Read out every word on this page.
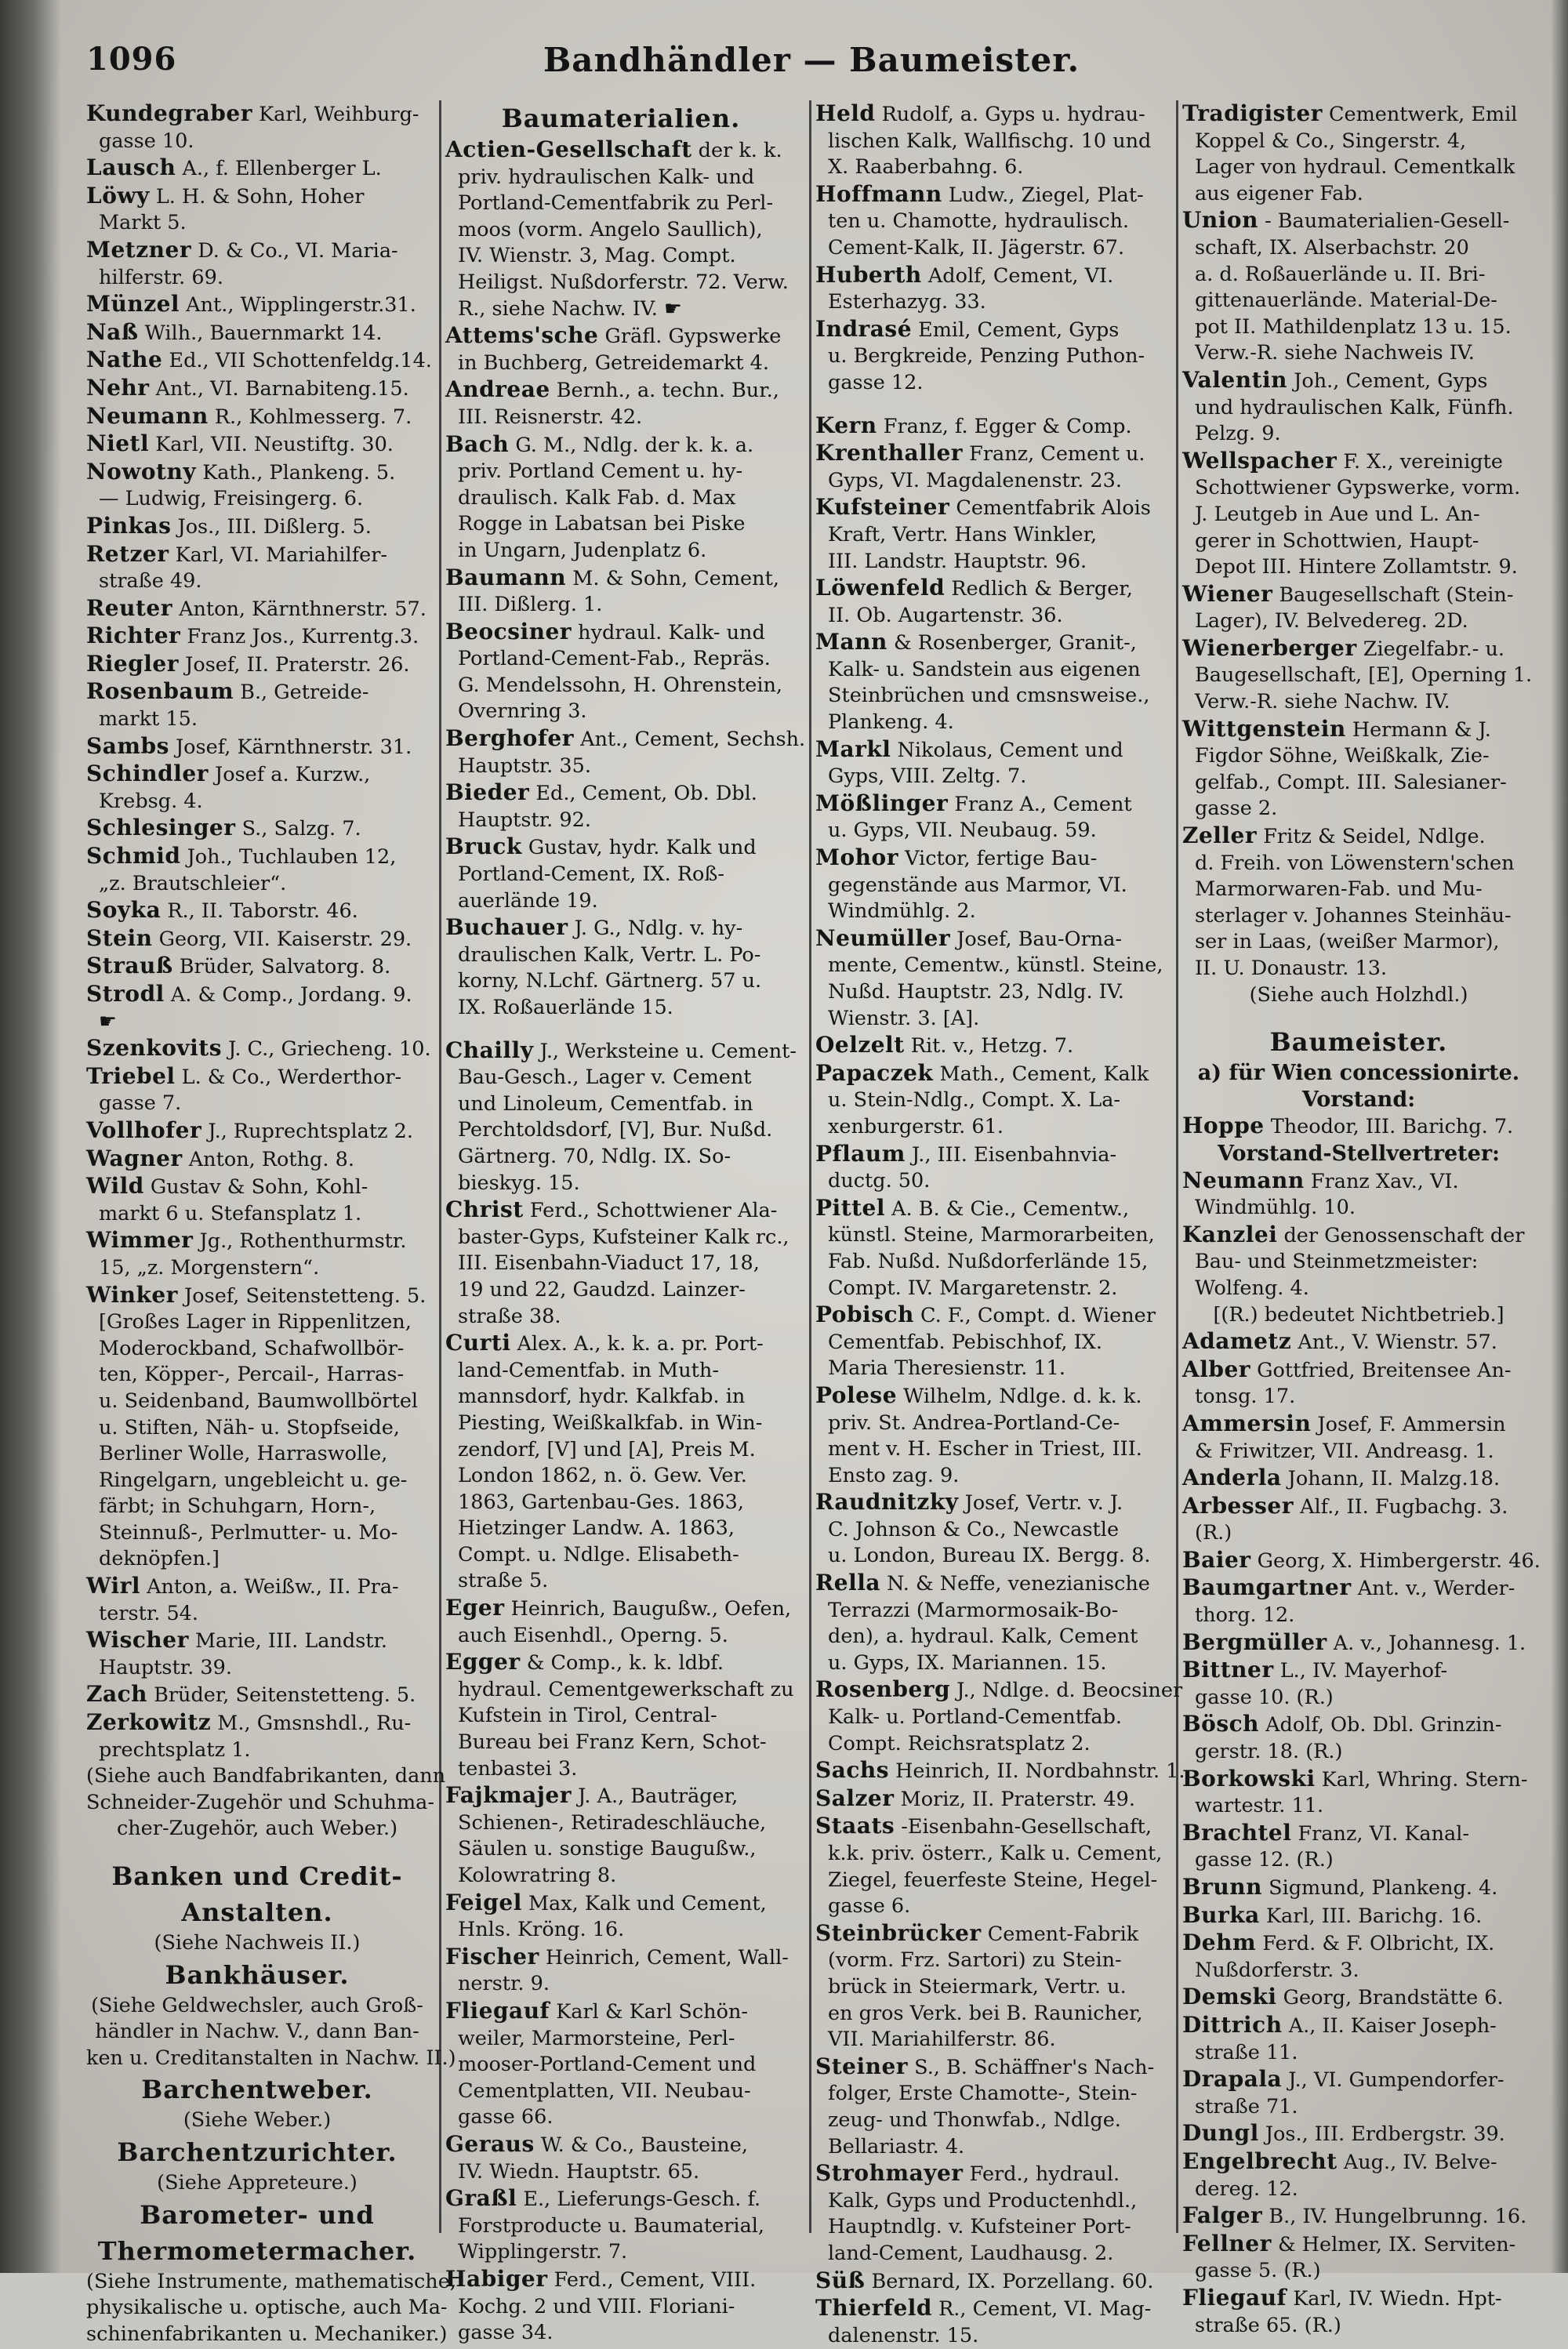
1096	Bandhändler — Baumeister.
Kundegraber Karl, Weihburg-
gasse 10.
Lausch A., f. Ellenberger L.
Löwy L. H. & Sohn, Hoher
Markt 5.
Metzner D. & Co., VI. Maria-
hilferstr. 69.
Münzel Ant., Wipplingerstr.31.
Naß Wilh., Bauernmarkt 14.
Nathe Ed., VII Schottenfeldg.14.
Nehr Ant., VI. Barnabiteng.15.
Neumann R., Kohlmesserg. 7.
Nietl Karl, VII. Neustiftg. 30.
Nowotny Kath., Plankeng. 5.
— Ludwig, Freisingerg. 6.
Pinkas Jos., III. Dißlerg. 5.
Retzer Karl, VI. Mariahilfer-
straße 49.
Reuter Anton, Kärnthnerstr. 57.
Richter Franz Jos., Kurrentg.3.
Riegler Josef, II. Praterstr. 26.
Rosenbaum B., Getreide-
markt 15.
Sambs Josef, Kärnthnerstr. 31.
Schindler Josef a. Kurzw.,
Krebsg. 4.
Schlesinger S., Salzg. 7.
Schmid Joh., Tuchlauben 12,
„z. Brautschleier“.
Soyka R., II. Taborstr. 46.
Stein Georg, VII. Kaiserstr. 29.
Strauß Brüder, Salvatorg. 8.
Strodl A. & Comp., Jordang. 9.
☛
Szenkovits J. C., Griecheng. 10.
Triebel L. & Co., Werderthor-
gasse 7.
Vollhofer J., Ruprechtsplatz 2.
Wagner Anton, Rothg. 8.
Wild Gustav & Sohn, Kohl-
markt 6 u. Stefansplatz 1.
Wimmer Jg., Rothenthurmstr.
15, „z. Morgenstern“.
Winker Josef, Seitenstetteng. 5.
[Großes Lager in Rippenlitzen,
Moderockband, Schafwollbör-
ten, Köpper-, Percail-, Harras-
u. Seidenband, Baumwollbörtel
u. Stiften, Näh- u. Stopfseide,
Berliner Wolle, Harraswolle,
Ringelgarn, ungebleicht u. ge-
färbt; in Schuhgarn, Horn-,
Steinnuß-, Perlmutter- u. Mo-
deknöpfen.]
Wirl Anton, a. Weißw., II. Pra-
terstr. 54.
Wischer Marie, III. Landstr.
Hauptstr. 39.
Zach Brüder, Seitenstetteng. 5.
Zerkowitz M., Gmsnshdl., Ru-
prechtsplatz 1.
(Siehe auch Bandfabrikanten, dann
Schneider-Zugehör und Schuhma-
cher-Zugehör, auch Weber.)
Banken und Credit-
Anstalten.
(Siehe Nachweis II.)
Bankhäuser.
(Siehe Geldwechsler, auch Groß-
händler in Nachw. V., dann Ban-
ken u. Creditanstalten in Nachw. II.)
Barchentweber.
(Siehe Weber.)
Barchentzurichter.
(Siehe Appreteure.)
Barometer- und
Thermometermacher.
(Siehe Instrumente, mathematische,
physikalische u. optische, auch Ma-
schinenfabrikanten u. Mechaniker.)
Baumaterialien.
Actien-Gesellschaft der k. k.
priv. hydraulischen Kalk- und
Portland-Cementfabrik zu Perl-
moos (vorm. Angelo Saullich),
IV. Wienstr. 3, Mag. Compt.
Heiligst. Nußdorferstr. 72. Verw.
R., siehe Nachw. IV. ☛
Attems'sche Gräfl. Gypswerke
in Buchberg, Getreidemarkt 4.
Andreae Bernh., a. techn. Bur.,
III. Reisnerstr. 42.
Bach G. M., Ndlg. der k. k. a.
priv. Portland Cement u. hy-
draulisch. Kalk Fab. d. Max
Rogge in Labatsan bei Piske
in Ungarn, Judenplatz 6.
Baumann M. & Sohn, Cement,
III. Dißlerg. 1.
Beocsiner hydraul. Kalk- und
Portland-Cement-Fab., Repräs.
G. Mendelssohn, H. Ohrenstein,
Overnring 3.
Berghofer Ant., Cement, Sechsh.
Hauptstr. 35.
Bieder Ed., Cement, Ob. Dbl.
Hauptstr. 92.
Bruck Gustav, hydr. Kalk und
Portland-Cement, IX. Roß-
auerlände 19.
Buchauer J. G., Ndlg. v. hy-
draulischen Kalk, Vertr. L. Po-
korny, N.Lchf. Gärtnerg. 57 u.
IX. Roßauerlände 15.
Chailly J., Werksteine u. Cement-
Bau-Gesch., Lager v. Cement
und Linoleum, Cementfab. in
Perchtoldsdorf, [V], Bur. Nußd.
Gärtnerg. 70, Ndlg. IX. So-
bieskyg. 15.
Christ Ferd., Schottwiener Ala-
baster-Gyps, Kufsteiner Kalk rc.,
III. Eisenbahn-Viaduct 17, 18,
19 und 22, Gaudzd. Lainzer-
straße 38.
Curti Alex. A., k. k. a. pr. Port-
land-Cementfab. in Muth-
mannsdorf, hydr. Kalkfab. in
Piesting, Weißkalkfab. in Win-
zendorf, [V] und [A], Preis M.
London 1862, n. ö. Gew. Ver.
1863, Gartenbau-Ges. 1863,
Hietzinger Landw. A. 1863,
Compt. u. Ndlge. Elisabeth-
straße 5.
Eger Heinrich, Baugußw., Oefen,
auch Eisenhdl., Operng. 5.
Egger & Comp., k. k. ldbf.
hydraul. Cementgewerkschaft zu
Kufstein in Tirol, Central-
Bureau bei Franz Kern, Schot-
tenbastei 3.
Fajkmajer J. A., Bauträger,
Schienen-, Retiradeschläuche,
Säulen u. sonstige Baugußw.,
Kolowratring 8.
Feigel Max, Kalk und Cement,
Hnls. Kröng. 16.
Fischer Heinrich, Cement, Wall-
nerstr. 9.
Fliegauf Karl & Karl Schön-
weiler, Marmorsteine, Perl-
mooser-Portland-Cement und
Cementplatten, VII. Neubau-
gasse 66.
Geraus W. & Co., Bausteine,
IV. Wiedn. Hauptstr. 65.
Graßl E., Lieferungs-Gesch. f.
Forstproducte u. Baumaterial,
Wipplingerstr. 7.
Habiger Ferd., Cement, VIII.
Kochg. 2 und VIII. Floriani-
gasse 34.
Held Rudolf, a. Gyps u. hydrau-
lischen Kalk, Wallfischg. 10 und
X. Raaberbahng. 6.
Hoffmann Ludw., Ziegel, Plat-
ten u. Chamotte, hydraulisch.
Cement-Kalk, II. Jägerstr. 67.
Huberth Adolf, Cement, VI.
Esterhazyg. 33.
Indrasé Emil, Cement, Gyps
u. Bergkreide, Penzing Puthon-
gasse 12.
Kern Franz, f. Egger & Comp.
Krenthaller Franz, Cement u.
Gyps, VI. Magdalenenstr. 23.
Kufsteiner Cementfabrik Alois
Kraft, Vertr. Hans Winkler,
III. Landstr. Hauptstr. 96.
Löwenfeld Redlich & Berger,
II. Ob. Augartenstr. 36.
Mann & Rosenberger, Granit-,
Kalk- u. Sandstein aus eigenen
Steinbrüchen und cmsnsweise.,
Plankeng. 4.
Markl Nikolaus, Cement und
Gyps, VIII. Zeltg. 7.
Mößlinger Franz A., Cement
u. Gyps, VII. Neubaug. 59.
Mohor Victor, fertige Bau-
gegenstände aus Marmor, VI.
Windmühlg. 2.
Neumüller Josef, Bau-Orna-
mente, Cementw., künstl. Steine,
Nußd. Hauptstr. 23, Ndlg. IV.
Wienstr. 3. [A].
Oelzelt Rit. v., Hetzg. 7.
Papaczek Math., Cement, Kalk
u. Stein-Ndlg., Compt. X. La-
xenburgerstr. 61.
Pflaum J., III. Eisenbahnvia-
ductg. 50.
Pittel A. B. & Cie., Cementw.,
künstl. Steine, Marmorarbeiten,
Fab. Nußd. Nußdorferlände 15,
Compt. IV. Margaretenstr. 2.
Pobisch C. F., Compt. d. Wiener
Cementfab. Pebischhof, IX.
Maria Theresienstr. 11.
Polese Wilhelm, Ndlge. d. k. k.
priv. St. Andrea-Portland-Ce-
ment v. H. Escher in Triest, III.
Ensto zag. 9.
Raudnitzky Josef, Vertr. v. J.
C. Johnson & Co., Newcastle
u. London, Bureau IX. Bergg. 8.
Rella N. & Neffe, venezianische
Terrazzi (Marmormosaik-Bo-
den), a. hydraul. Kalk, Cement
u. Gyps, IX. Mariannen. 15.
Rosenberg J., Ndlge. d. Beocsiner
Kalk- u. Portland-Cementfab.
Compt. Reichsratsplatz 2.
Sachs Heinrich, II. Nordbahnstr. 1.
Salzer Moriz, II. Praterstr. 49.
Staats -Eisenbahn-Gesellschaft,
k.k. priv. österr., Kalk u. Cement,
Ziegel, feuerfeste Steine, Hegel-
gasse 6.
Steinbrücker Cement-Fabrik
(vorm. Frz. Sartori) zu Stein-
brück in Steiermark, Vertr. u.
en gros Verk. bei B. Raunicher,
VII. Mariahilferstr. 86.
Steiner S., B. Schäffner's Nach-
folger, Erste Chamotte-, Stein-
zeug- und Thonwfab., Ndlge.
Bellariastr. 4.
Strohmayer Ferd., hydraul.
Kalk, Gyps und Productenhdl.,
Hauptndlg. v. Kufsteiner Port-
land-Cement, Laudhausg. 2.
Süß Bernard, IX. Porzellang. 60.
Thierfeld R., Cement, VI. Mag-
dalenenstr. 15.
Tradigister Cementwerk, Emil
Koppel & Co., Singerstr. 4,
Lager von hydraul. Cementkalk
aus eigener Fab.
Union - Baumaterialien-Gesell-
schaft, IX. Alserbachstr. 20
a. d. Roßauerlände u. II. Bri-
gittenauerlände. Material-De-
pot II. Mathildenplatz 13 u. 15.
Verw.-R. siehe Nachweis IV.
Valentin Joh., Cement, Gyps
und hydraulischen Kalk, Fünfh.
Pelzg. 9.
Wellspacher F. X., vereinigte
Schottwiener Gypswerke, vorm.
J. Leutgeb in Aue und L. An-
gerer in Schottwien, Haupt-
Depot III. Hintere Zollamtstr. 9.
Wiener Baugesellschaft (Stein-
Lager), IV. Belvedereg. 2D.
Wienerberger Ziegelfabr.- u.
Baugesellschaft, [E], Operning 1.
Verw.-R. siehe Nachw. IV.
Wittgenstein Hermann & J.
Figdor Söhne, Weißkalk, Zie-
gelfab., Compt. III. Salesianer-
gasse 2.
Zeller Fritz & Seidel, Ndlge.
d. Freih. von Löwenstern'schen
Marmorwaren-Fab. und Mu-
sterlager v. Johannes Steinhäu-
ser in Laas, (weißer Marmor),
II. U. Donaustr. 13.
(Siehe auch Holzhdl.)
Baumeister.
a) für Wien concessionirte.
Vorstand:
Hoppe Theodor, III. Barichg. 7.
Vorstand-Stellvertreter:
Neumann Franz Xav., VI.
Windmühlg. 10.
Kanzlei der Genossenschaft der
Bau- und Steinmetzmeister:
Wolfeng. 4.
[(R.) bedeutet Nichtbetrieb.]
Adametz Ant., V. Wienstr. 57.
Alber Gottfried, Breitensee An-
tonsg. 17.
Ammersin Josef, F. Ammersin
& Friwitzer, VII. Andreasg. 1.
Anderla Johann, II. Malzg.18.
Arbesser Alf., II. Fugbachg. 3.
(R.)
Baier Georg, X. Himbergerstr. 46.
Baumgartner Ant. v., Werder-
thorg. 12.
Bergmüller A. v., Johannesg. 1.
Bittner L., IV. Mayerhof-
gasse 10. (R.)
Bösch Adolf, Ob. Dbl. Grinzin-
gerstr. 18. (R.)
Borkowski Karl, Whring. Stern-
wartestr. 11.
Brachtel Franz, VI. Kanal-
gasse 12. (R.)
Brunn Sigmund, Plankeng. 4.
Burka Karl, III. Barichg. 16.
Dehm Ferd. & F. Olbricht, IX.
Nußdorferstr. 3.
Demski Georg, Brandstätte 6.
Dittrich A., II. Kaiser Joseph-
straße 11.
Drapala J., VI. Gumpendorfer-
straße 71.
Dungl Jos., III. Erdbergstr. 39.
Engelbrecht Aug., IV. Belve-
dereg. 12.
Falger B., IV. Hungelbrunng. 16.
Fellner & Helmer, IX. Serviten-
gasse 5. (R.)
Fliegauf Karl, IV. Wiedn. Hpt-
straße 65. (R.)
